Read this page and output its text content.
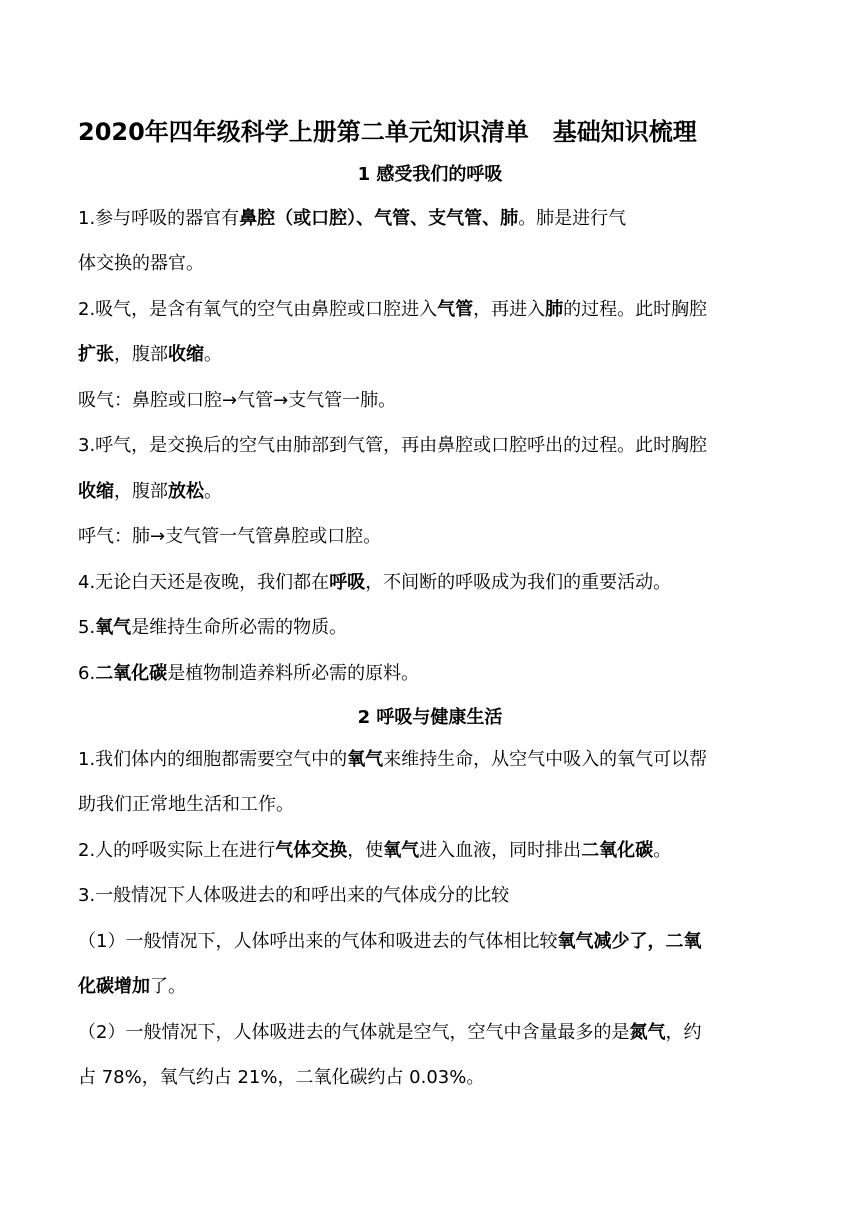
2020年四年级科学上册第二单元知识清单　基础知识梳理
1 感受我们的呼吸
2 呼吸与健康生活
1.参与呼吸的器官有鼻腔（或口腔）、气管、支气管、肺。肺是进行气
体交换的器官。
2.吸气，是含有氧气的空气由鼻腔或口腔进入气管，再进入肺的过程。此时胸腔
扩张，腹部收缩。
吸气：鼻腔或口腔→气管→支气管一肺。
3.呼气，是交换后的空气由肺部到气管，再由鼻腔或口腔呼出的过程。此时胸腔
收缩，腹部放松。
呼气：肺→支气管一气管鼻腔或口腔。
4.无论白天还是夜晚，我们都在呼吸，不间断的呼吸成为我们的重要活动。
5.氧气是维持生命所必需的物质。
6.二氧化碳是植物制造养料所必需的原料。
1.我们体内的细胞都需要空气中的氧气来维持生命，从空气中吸入的氧气可以帮
助我们正常地生活和工作。
2.人的呼吸实际上在进行气体交换，使氧气进入血液，同时排出二氧化碳。
3.一般情况下人体吸进去的和呼出来的气体成分的比较
（1）一般情况下，人体呼出来的气体和吸进去的气体相比较氧气减少了，二氧
化碳增加了。
（2）一般情况下，人体吸进去的气体就是空气，空气中含量最多的是氮气，约
占 78%，氧气约占 21%，二氧化碳约占 0.03%。
